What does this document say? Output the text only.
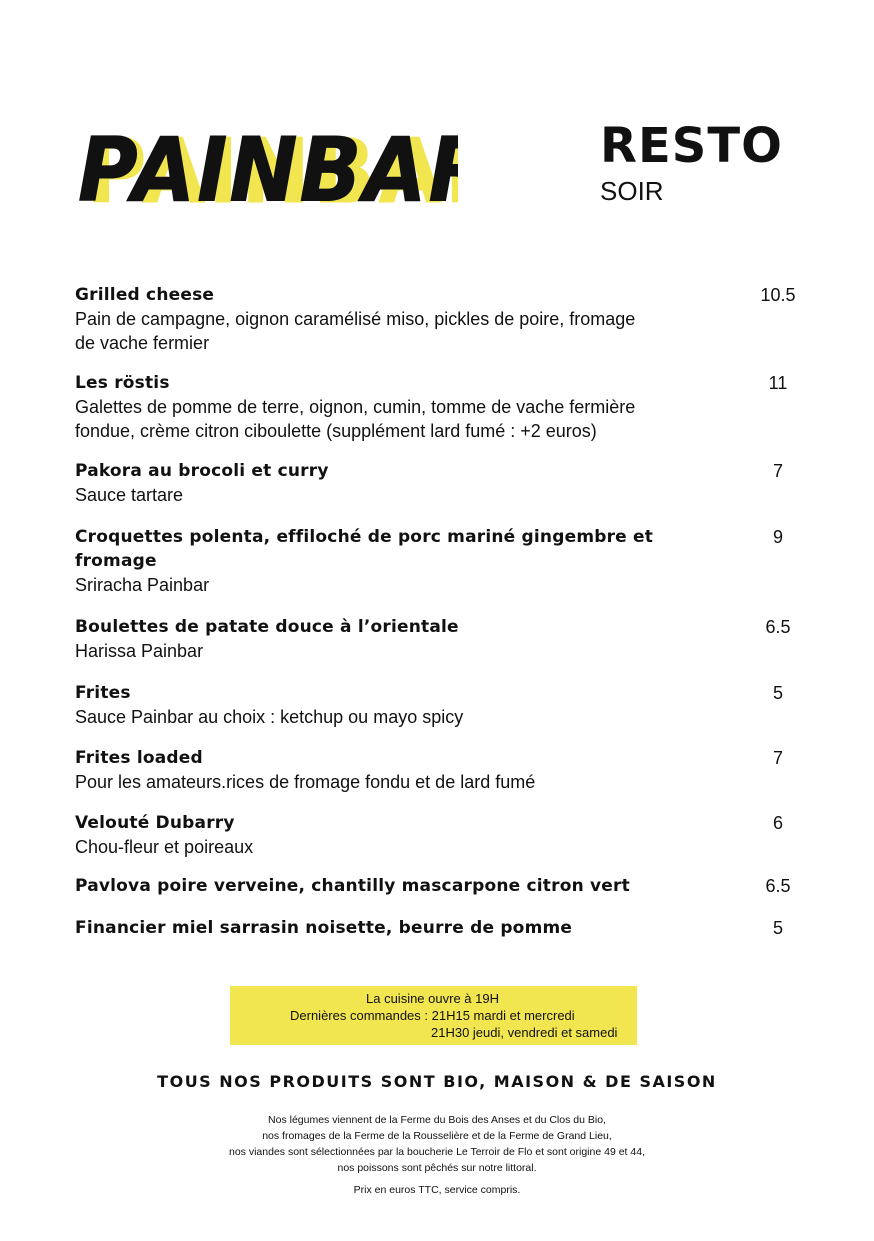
PAINBA
PAINBAR RESTO
SOIR
Grilled cheese
Pain de campagne, oignon caramélisé miso, pickles de poire, fromage
de vache fermier
10.5
Les röstis
Galettes de pomme de terre, oignon, cumin, tomme de vache fermière
fondue, crème citron ciboulette (supplément lard fumé : +2 euros)
11
Pakora au brocoli et curry
Sauce tartare
7
Croquettes polenta, effiloché de porc mariné gingembre et fromage
Sriracha Painbar
9
Boulettes de patate douce à l’orientale
Harissa Painbar
6.5
Frites
Sauce Painbar au choix : ketchup ou mayo spicy
5
Frites loaded
Pour les amateurs.rices de fromage fondu et de lard fumé
7
Velouté Dubarry
Chou-fleur et poireaux
6
Pavlova poire verveine, chantilly mascarpone citron vert	6.5
Financier miel sarrasin noisette, beurre de pomme	5
La cuisine ouvre à 19H
Dernières commandes : 21H15 mardi et mercredi
21H30 jeudi, vendredi et samedi
TOUS NOS PRODUITS SONT BIO, MAISON & DE SAISON
Nos légumes viennent de la Ferme du Bois des Anses et du Clos du Bio,
nos fromages de la Ferme de la Rousselière et de la Ferme de Grand Lieu,
nos viandes sont sélectionnées par la boucherie Le Terroir de Flo et sont origine 49 et 44,
nos poissons sont pêchés sur notre littoral.
Prix en euros TTC, service compris.
